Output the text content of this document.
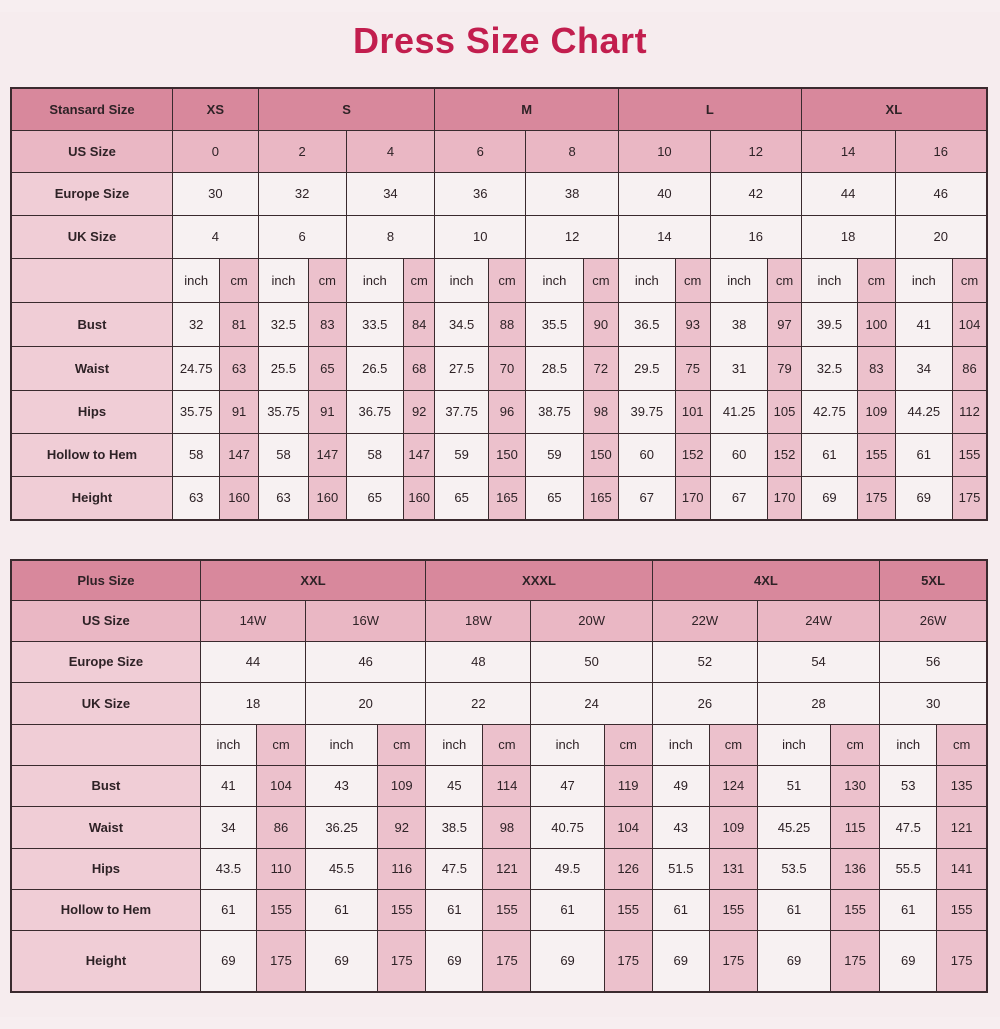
Dress Size Chart
Stansard Size	XS		S				M				L				XL			
US Size	0		2		4		6		8		10		12		14		16	
Europe Size	30		32		34		36		38		40		42		44		46	
UK Size	4		6		8		10		12		14		16		18		20	
	inch	cm	inch	cm	inch	cm	inch	cm	inch	cm	inch	cm	inch	cm	inch	cm	inch	cm
Bust	32	81	32.5	83	33.5	84	34.5	88	35.5	90	36.5	93	38	97	39.5	100	41	104
Waist	24.75	63	25.5	65	26.5	68	27.5	70	28.5	72	29.5	75	31	79	32.5	83	34	86
Hips	35.75	91	35.75	91	36.75	92	37.75	96	38.75	98	39.75	101	41.25	105	42.75	109	44.25	112
Hollow to Hem	58	147	58	147	58	147	59	150	59	150	60	152	60	152	61	155	61	155
Height	63	160	63	160	65	160	65	165	65	165	67	170	67	170	69	175	69	175
Plus Size	XXL				XXXL				4XL				5XL	
US Size	14W		16W		18W		20W		22W		24W		26W	
Europe Size	44		46		48		50		52		54		56	
UK Size	18		20		22		24		26		28		30	
	inch	cm	inch	cm	inch	cm	inch	cm	inch	cm	inch	cm	inch	cm
Bust	41	104	43	109	45	114	47	119	49	124	51	130	53	135
Waist	34	86	36.25	92	38.5	98	40.75	104	43	109	45.25	115	47.5	121
Hips	43.5	110	45.5	116	47.5	121	49.5	126	51.5	131	53.5	136	55.5	141
Hollow to Hem	61	155	61	155	61	155	61	155	61	155	61	155	61	155
Height	69	175	69	175	69	175	69	175	69	175	69	175	69	175
